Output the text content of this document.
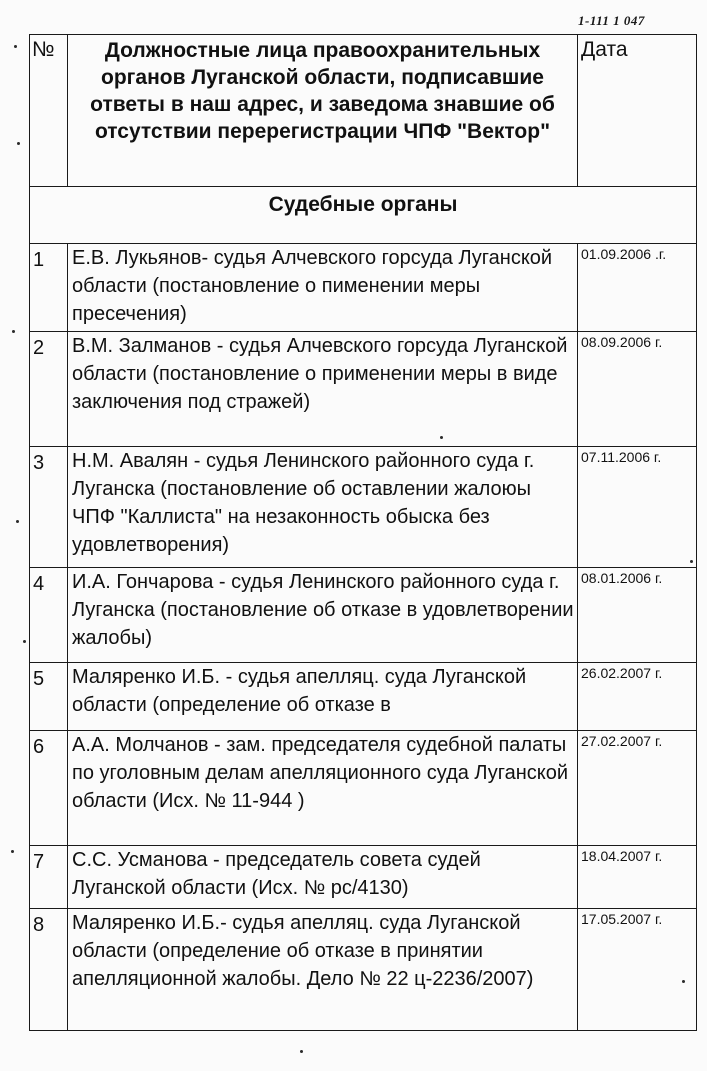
1-111 1 047
№	Должностные лица правоохранительных органов Луганской области, подписавшие ответы в наш адрес, и заведома знавшие об отсутствии перерегистрации ЧПФ "Вектор"	Дата
Судебные органы		
1	Е.В. Лукьянов- судья Алчевского горсуда Луганской области (постановление о пименении меры пресечения)	01.09.2006 .г.
2	В.М. Залманов - судья Алчевского горсуда Луганской области (постановление о применении меры в виде заключения под стражей)	08.09.2006 г.
3	Н.М. Авалян - судья Ленинского районного суда г. Луганска (постановление об оставлении жалоюы ЧПФ "Каллиста" на незаконность обыска без удовлетворения)	07.11.2006 г.
4	И.А. Гончарова - судья Ленинского районного суда г. Луганска (постановление об отказе в удовлетворении жалобы)	08.01.2006 г.
5	Маляренко И.Б. - судья апелляц. суда Луганской области (определение об отказе в	26.02.2007 г.
6	А.А. Молчанов - зам. председателя судебной палаты по уголовным делам апелляционного суда Луганской области (Исх. № 11-944 )	27.02.2007 г.
7	С.С. Усманова - председатель совета судей Луганской области (Исх. № рс/4130)	18.04.2007 г.
8	Маляренко И.Б.- судья апелляц. суда Луганской области (определение об отказе в принятии апелляционной жалобы. Дело № 22 ц-2236/2007)	17.05.2007 г.
